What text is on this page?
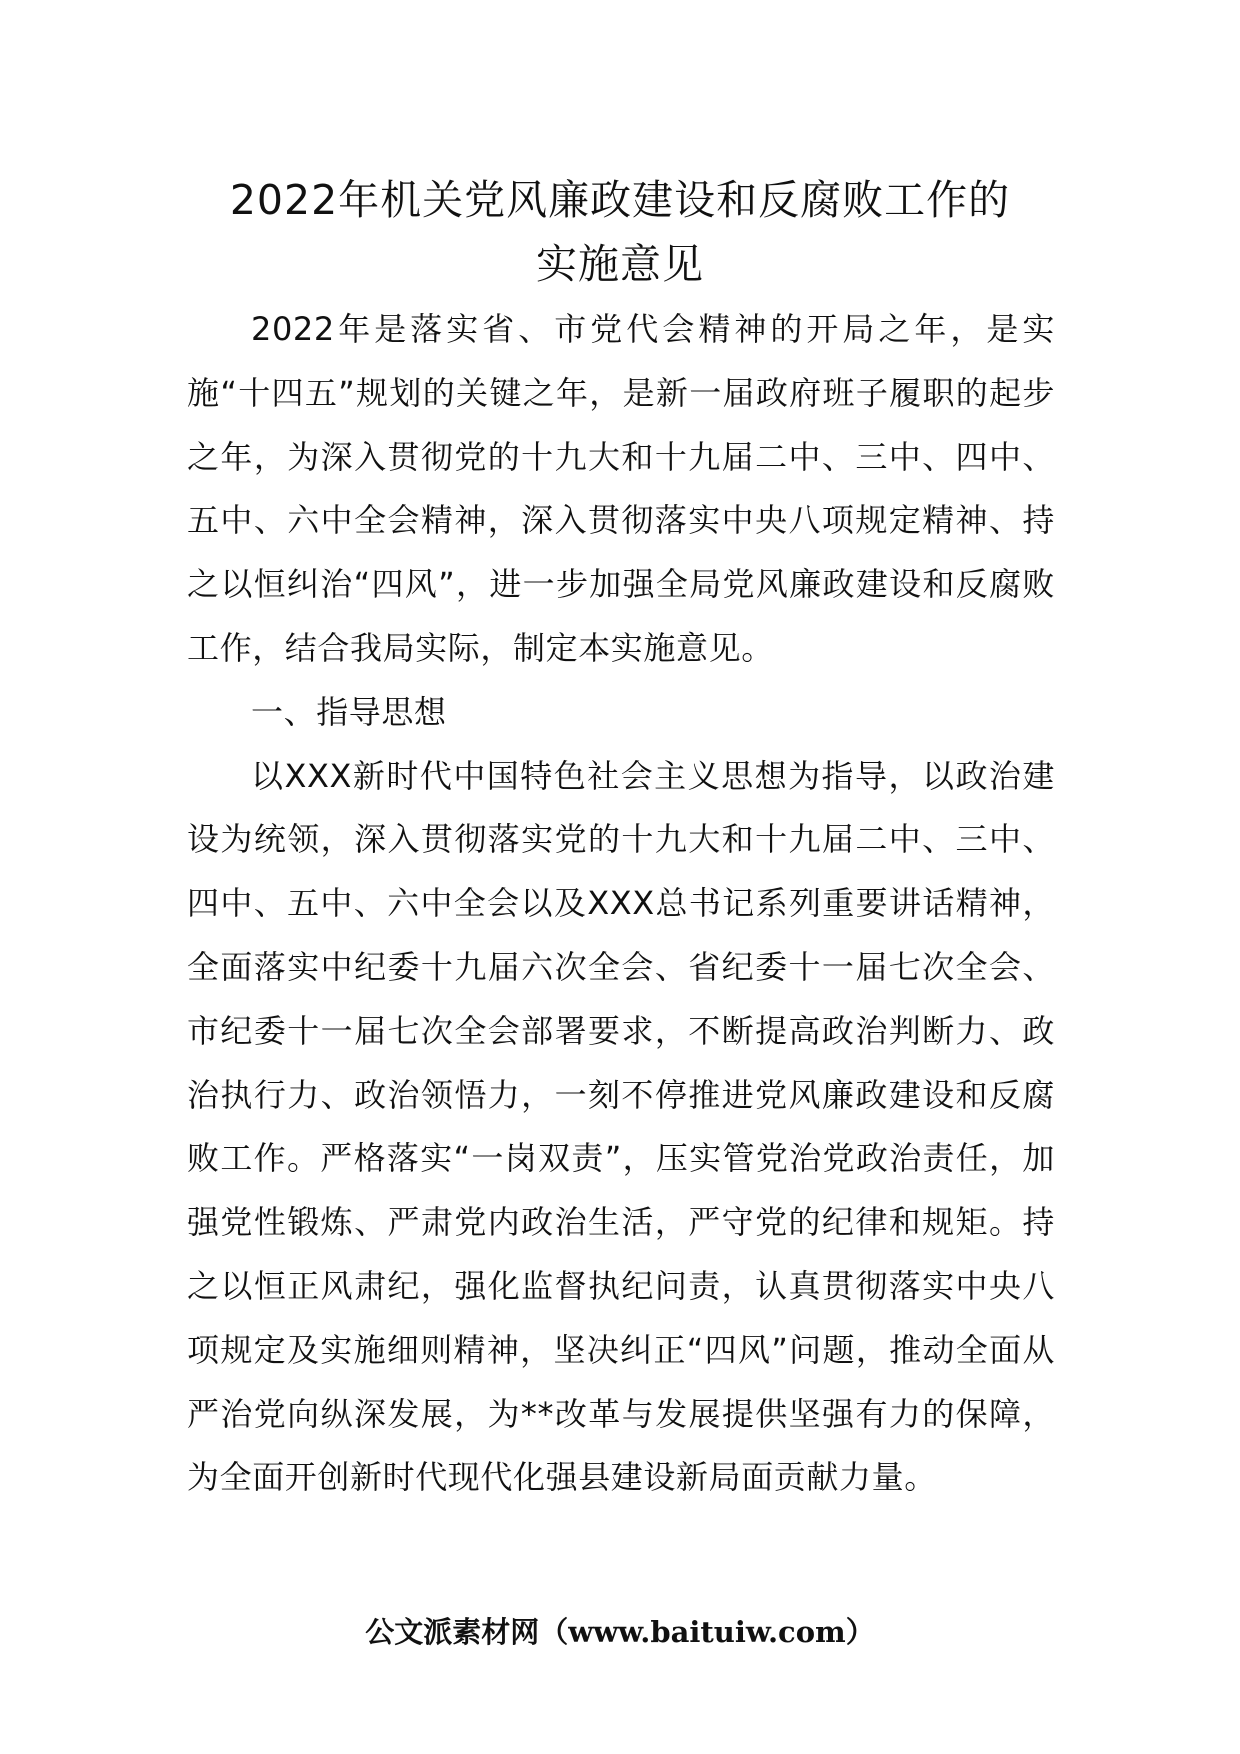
2022年机关党风廉政建设和反腐败工作的
实施意见

2022年是落实省、市党代会精神的开局之年，是实施“十四五”规划的关键之年，是新一届政府班子履职的起步之年，为深入贯彻党的十九大和十九届二中、三中、四中、五中、六中全会精神，深入贯彻落实中央八项规定精神、持之以恒纠治“四风”，进一步加强全局党风廉政建设和反腐败工作，结合我局实际，制定本实施意见。

一、指导思想

以XXX新时代中国特色社会主义思想为指导，以政治建设为统领，深入贯彻落实党的十九大和十九届二中、三中、四中、五中、六中全会以及XXX总书记系列重要讲话精神，全面落实中纪委十九届六次全会、省纪委十一届七次全会、市纪委十一届七次全会部署要求，不断提高政治判断力、政治执行力、政治领悟力，一刻不停推进党风廉政建设和反腐败工作。严格落实“一岗双责”，压实管党治党政治责任，加强党性锻炼、严肃党内政治生活，严守党的纪律和规矩。持之以恒正风肃纪，强化监督执纪问责，认真贯彻落实中央八项规定及实施细则精神，坚决纠正“四风”问题，推动全面从严治党向纵深发展，为**改革与发展提供坚强有力的保障，为全面开创新时代现代化强县建设新局面贡献力量。

公文派素材网（www.baituiw.com）
